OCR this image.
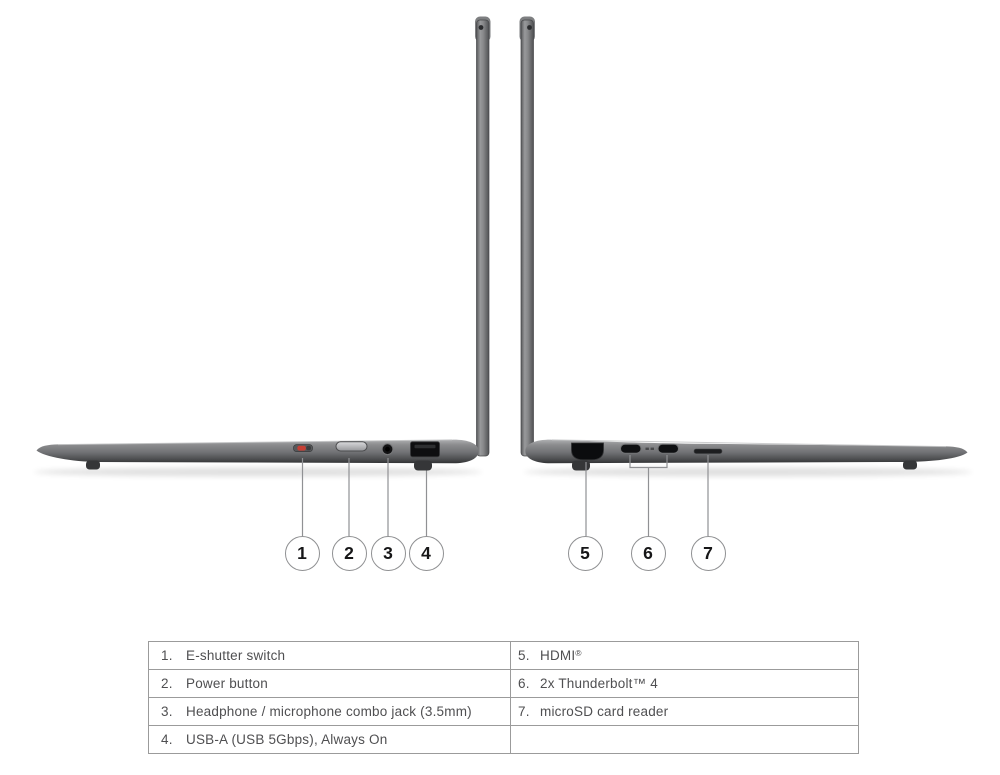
1 2 3 4	5	6	7
1. E-shutter switch	5. HDMI®
2. Power button	6. 2x Thunderbolt™ 4
3. Headphone / microphone combo jack (3.5mm)	7. microSD card reader
4. USB-A (USB 5Gbps), Always On	
